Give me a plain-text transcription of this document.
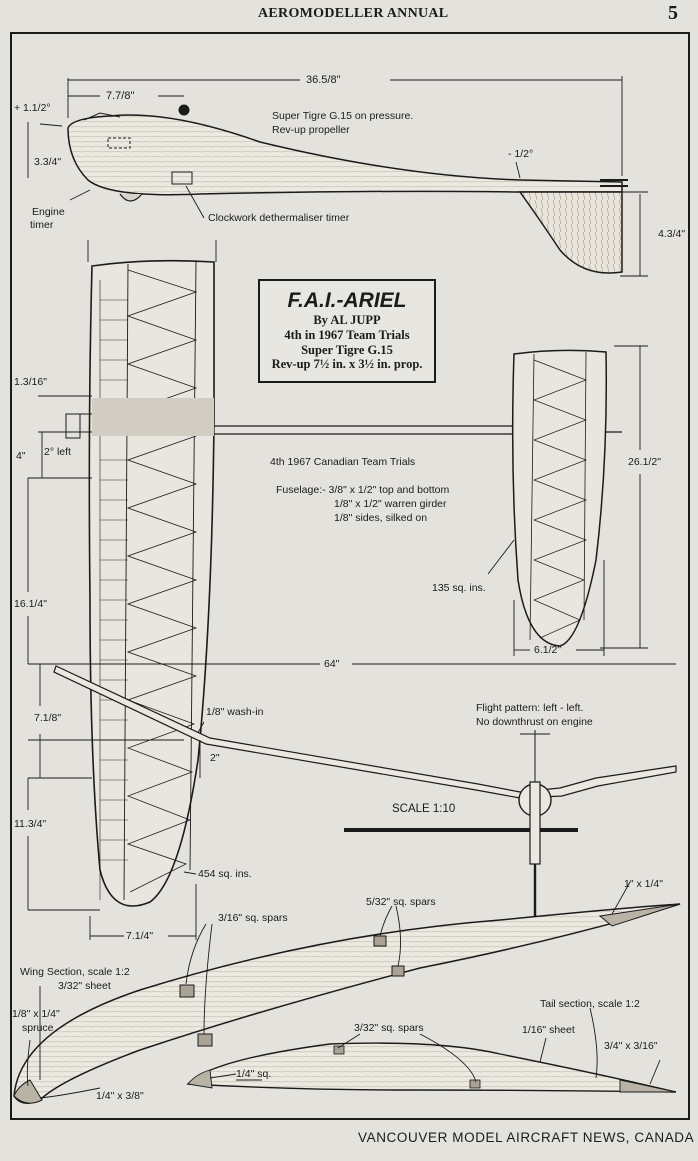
AEROMODELLER ANNUAL	5
36.5/8"
7.7/8"
+ 1.1/2°
- 1/2°
3.3/4"
4.3/4"
Super Tigre G.15 on pressure.
Rev-up propeller
Engine
timer
Clockwork dethermaliser timer
F.A.I.-ARIEL
By AL JUPP
4th in 1967 Team Trials
Super Tigre G.15
Rev-up 7½ in. x 3½ in. prop.
1.3/16"
4" 2° left
16.1/4"
7.1/8"
11.3/4"
7.1/4"
454 sq. ins.
1/8" wash-in
26.1/2"
6.1/2"
135 sq. ins.
64"
2"
4th 1967 Canadian Team Trials
Fuselage:- 3/8" x 1/2" top and bottom
1/8" x 1/2" warren girder
1/8" sides, silked on
Flight pattern: left - left.
No downthrust on engine
SCALE 1:10
Wing Section, scale 1:2
3/32" sheet
1/8" x 1/4"
spruce
1/4" x 3/8"
3/16" sq. spars
5/32" sq. spars
1" x 1/4"
Tail section, scale 1:2
3/32" sq. spars	1/16" sheet
1/4" sq.
3/4" x 3/16"
VANCOUVER MODEL AIRCRAFT NEWS, CANADA
